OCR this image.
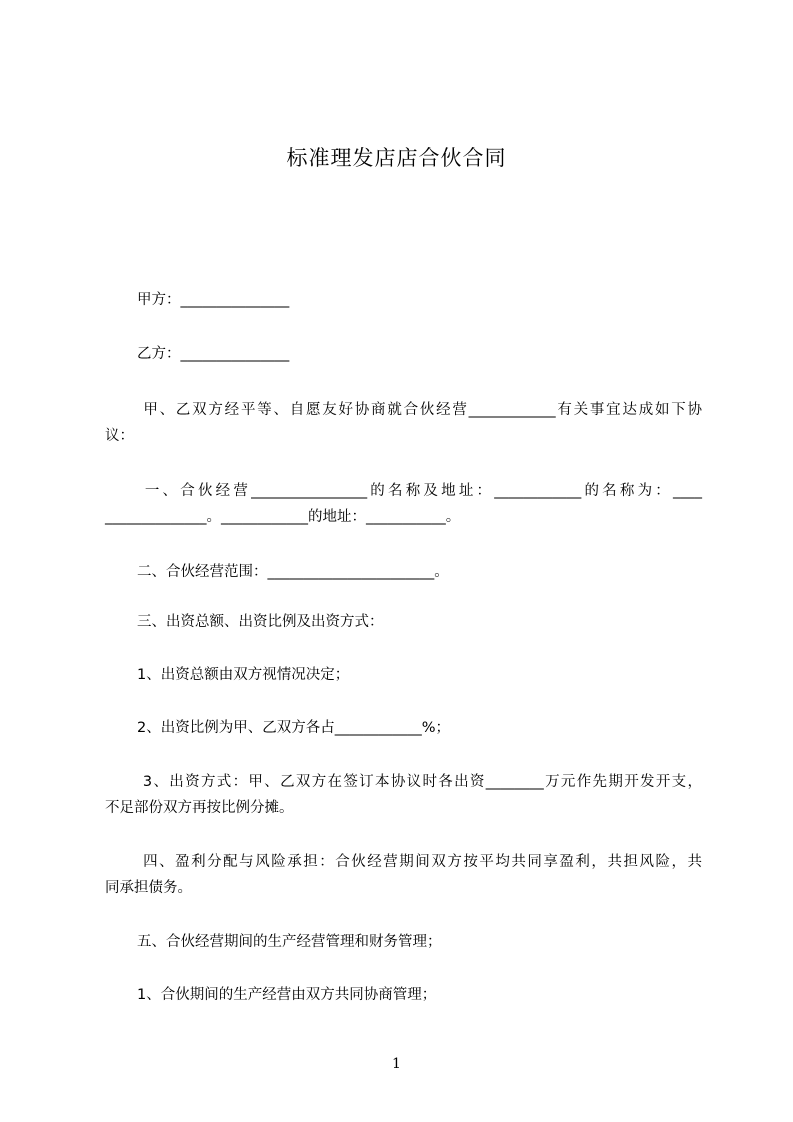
标准理发店店合伙合同
甲方：_______________
乙方：_______________
甲、乙双方经平等、自愿友好协商就合伙经营____________有关事宜达成如下协
议：
一、合伙经营________________的名称及地址：____________的名称为：____
______________。____________的地址：___________。
二、合伙经营范围：_______________________。
三、出资总额、出资比例及出资方式：
1、出资总额由双方视情况决定；
2、出资比例为甲、乙双方各占____________%；
3、出资方式：甲、乙双方在签订本协议时各出资________万元作先期开发开支，
不足部份双方再按比例分摊。
四、盈利分配与风险承担：合伙经营期间双方按平均共同享盈利，共担风险，共
同承担债务。
五、合伙经营期间的生产经营管理和财务管理；
1、合伙期间的生产经营由双方共同协商管理；
1
